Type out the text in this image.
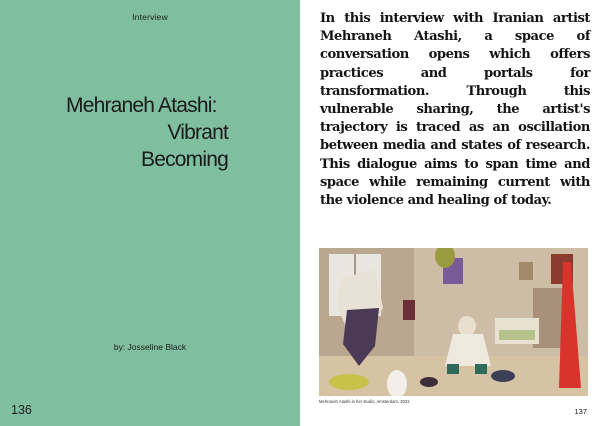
Interview
Mehraneh Atashi:
Vibrant
Becoming
by: Josseline Black
136

In this interview with Iranian artist Mehraneh Atashi, a space of conversation opens which offers practices and portals for transformation. Through this vulnerable sharing, the artist's trajectory is traced as an oscillation between media and states of research. This dialogue aims to span time and space while remaining current with the violence and healing of today.

Mehraneh Atashi in her studio, Amsterdam, 2022
137
